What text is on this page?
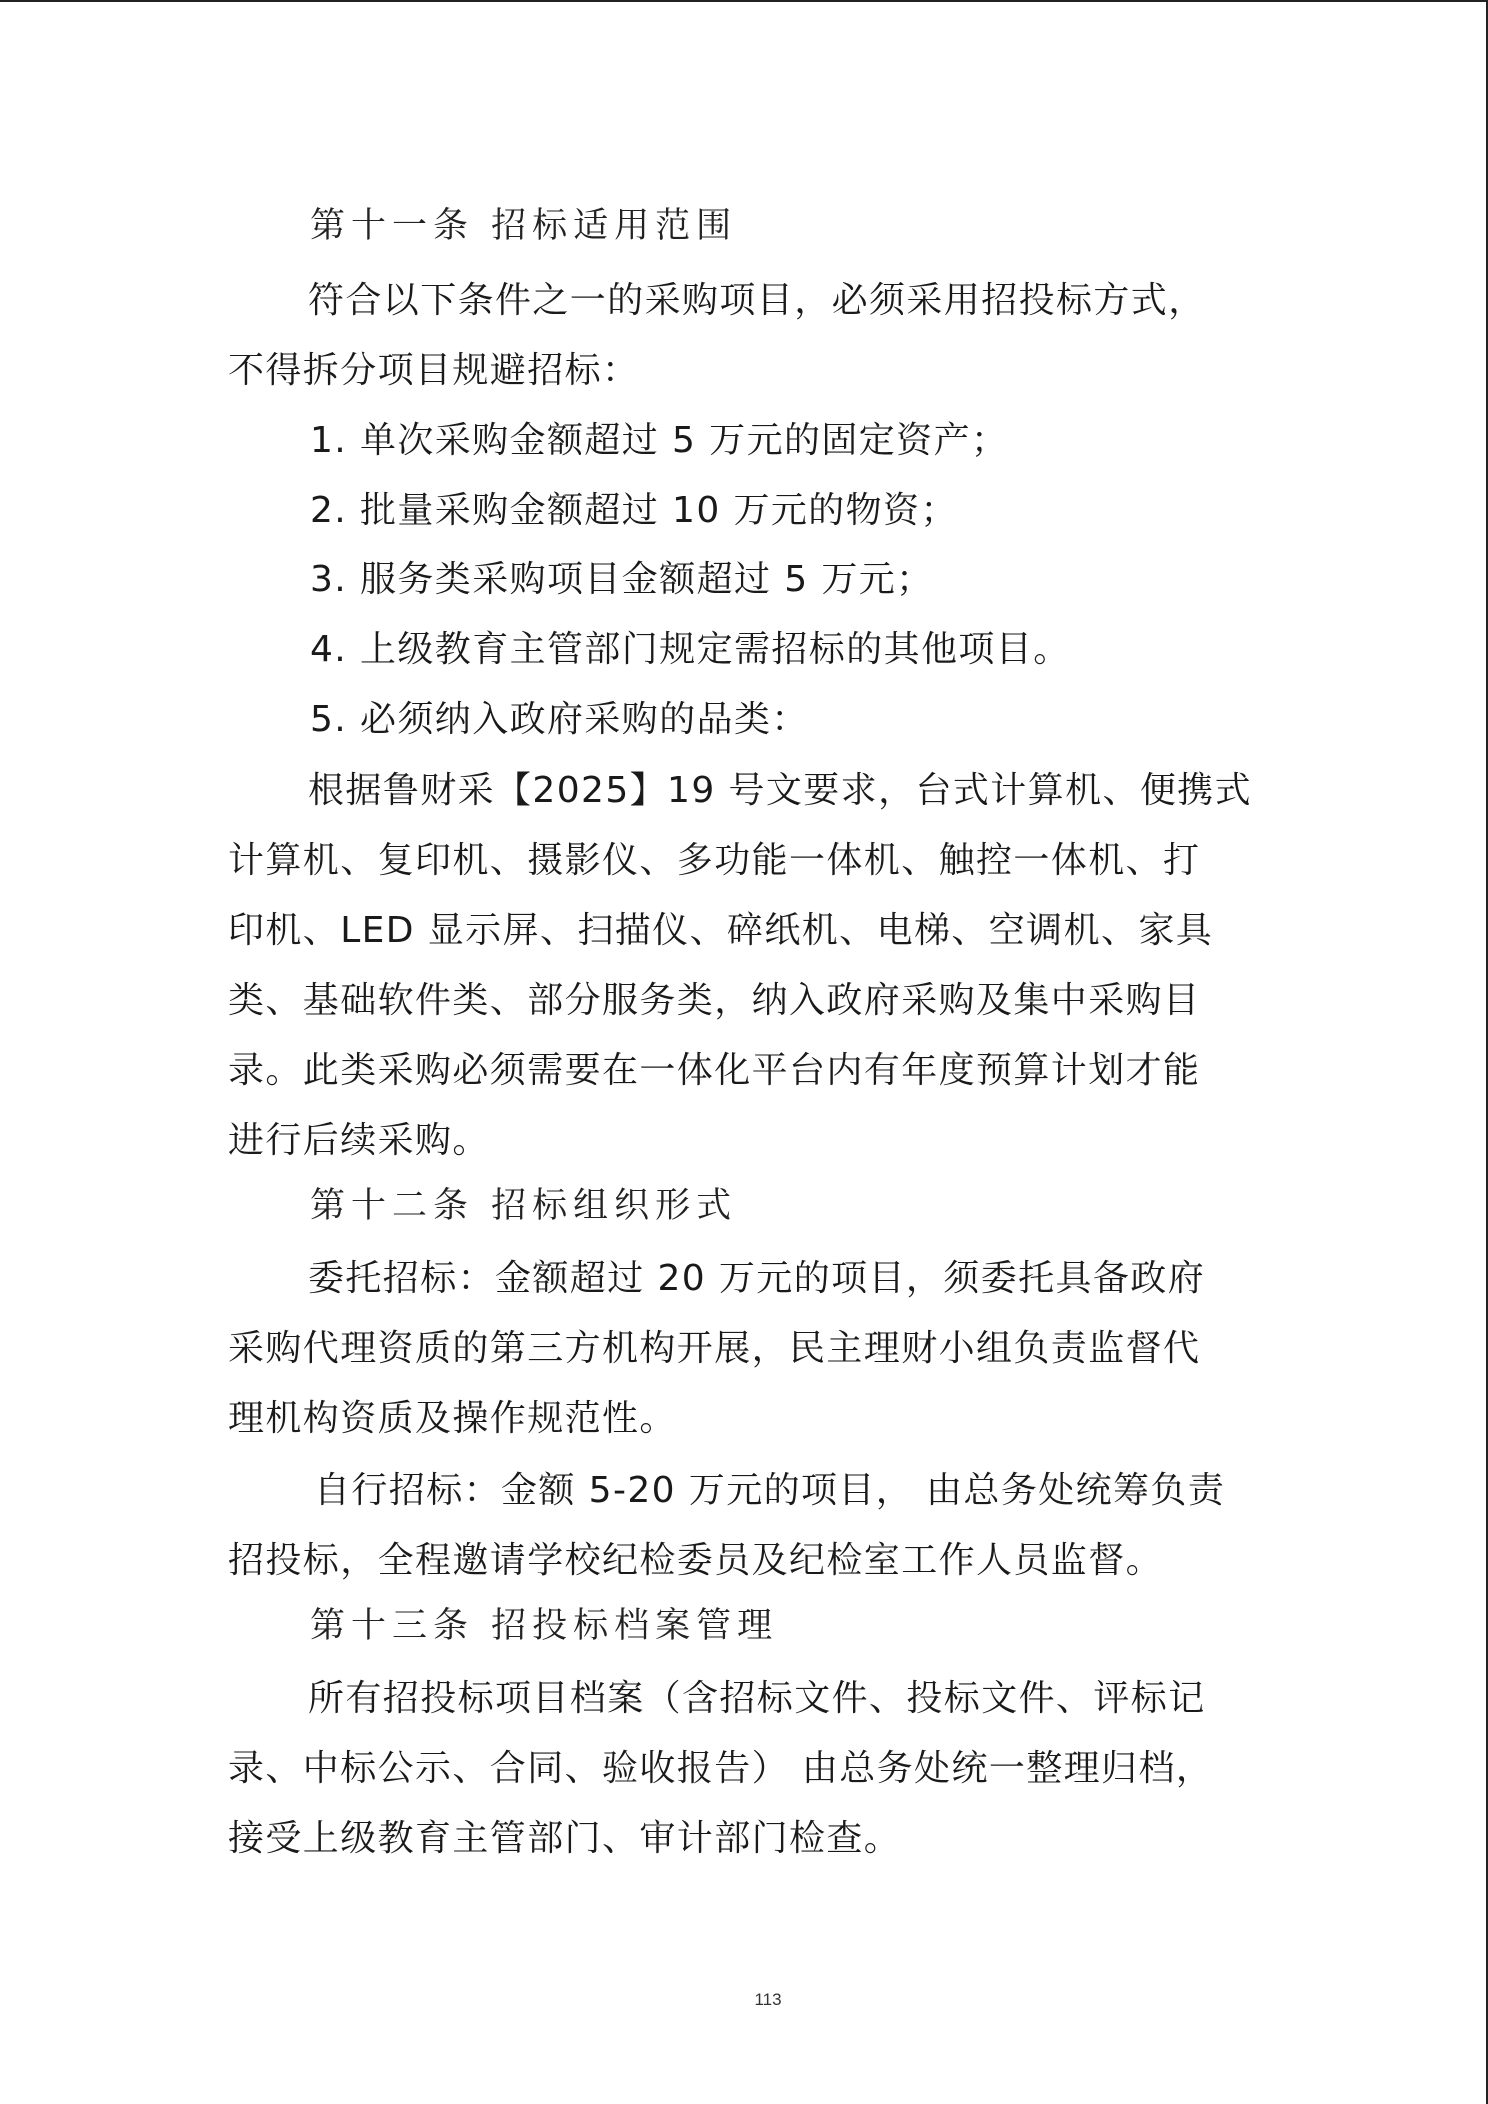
第十一条 招标适用范围
符合以下条件之一的采购项目，必须采用招投标方式，
不得拆分项目规避招标：
1. 单次采购金额超过 5 万元的固定资产；
2. 批量采购金额超过 10 万元的物资；
3. 服务类采购项目金额超过 5 万元；
4. 上级教育主管部门规定需招标的其他项目。
5. 必须纳入政府采购的品类：
根据鲁财采【2025】19 号文要求，台式计算机、便携式
计算机、复印机、摄影仪、多功能一体机、触控一体机、打
印机、LED 显示屏、扫描仪、碎纸机、电梯、空调机、家具
类、基础软件类、部分服务类，纳入政府采购及集中采购目
录。此类采购必须需要在一体化平台内有年度预算计划才能
进行后续采购。
第十二条 招标组织形式
委托招标：金额超过 20 万元的项目，须委托具备政府
采购代理资质的第三方机构开展，民主理财小组负责监督代
理机构资质及操作规范性。
自行招标：金额 5-20 万元的项目， 由总务处统筹负责
招投标，全程邀请学校纪检委员及纪检室工作人员监督。
第十三条 招投标档案管理
所有招投标项目档案（含招标文件、投标文件、评标记
录、中标公示、合同、验收报告） 由总务处统一整理归档，
接受上级教育主管部门、审计部门检查。
113
